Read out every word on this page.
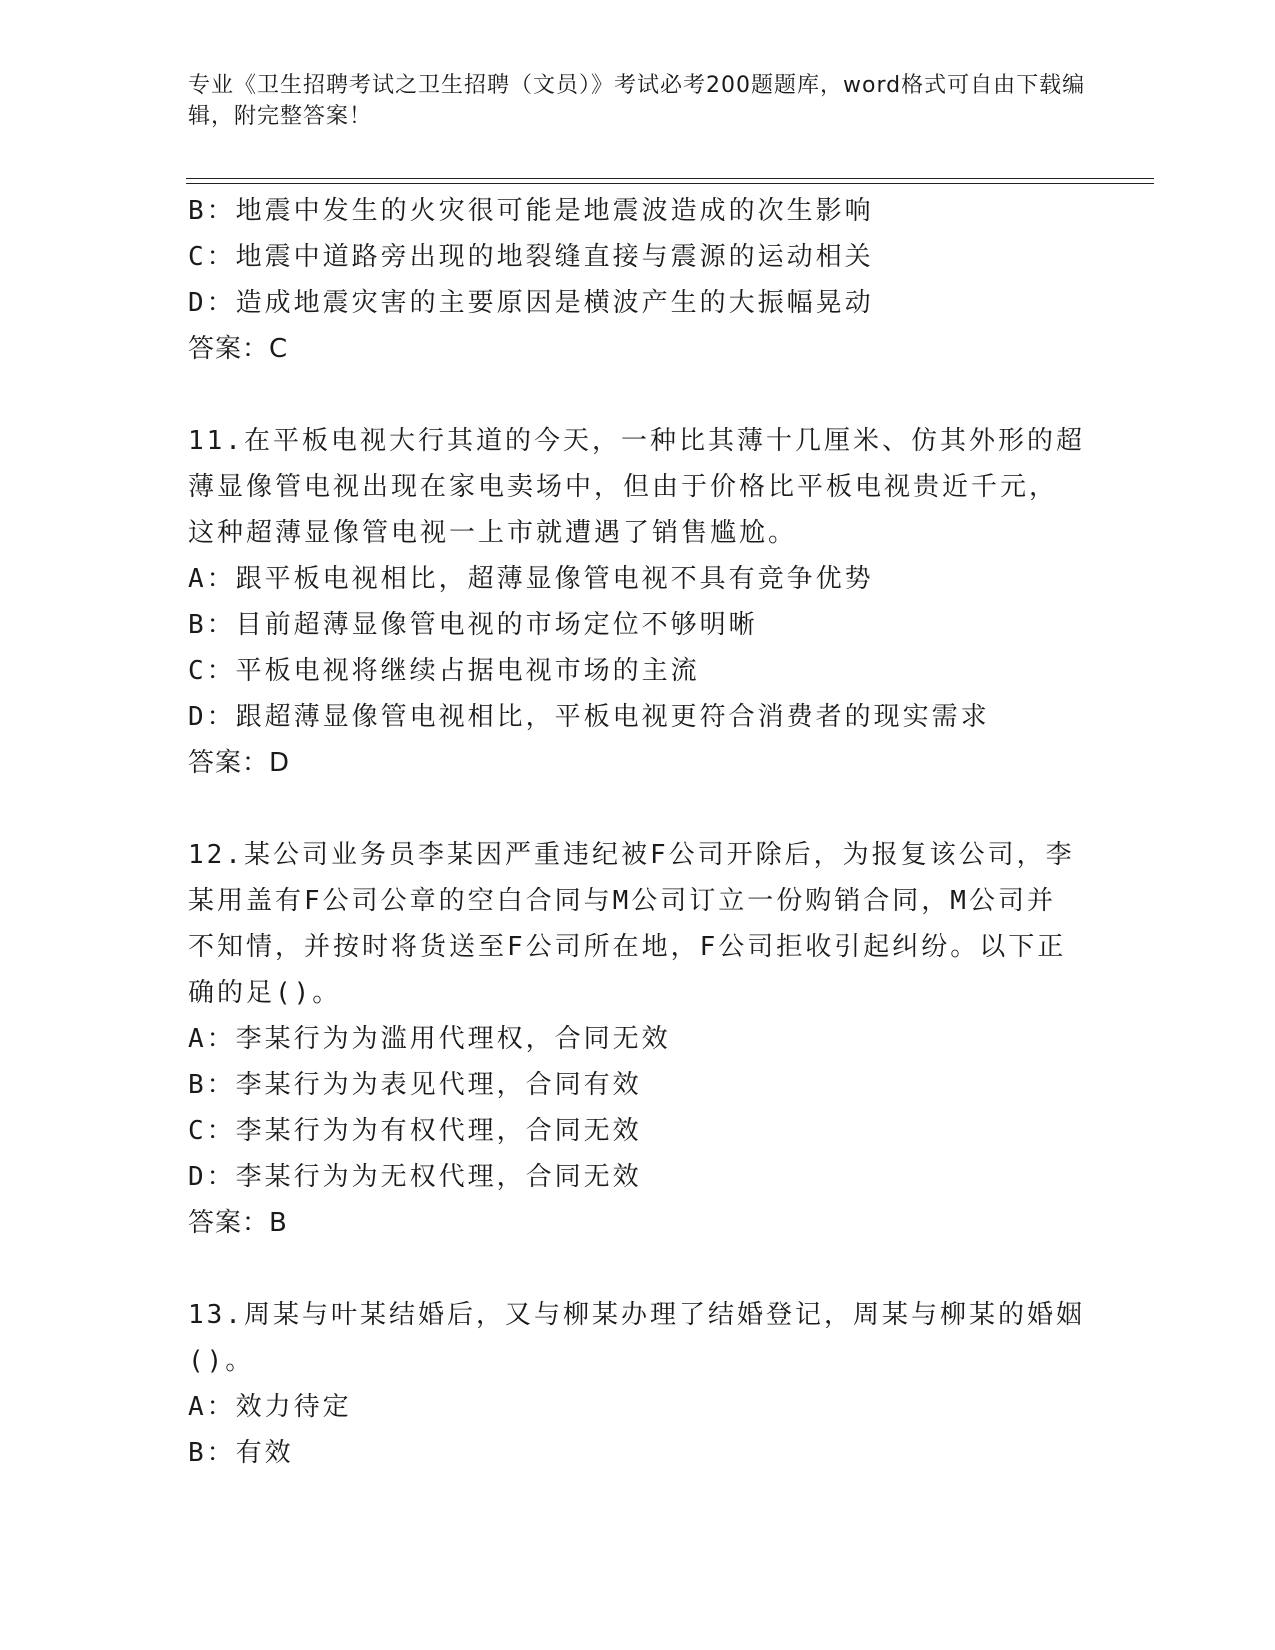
专业《卫生招聘考试之卫生招聘（文员）》考试必考200题题库，word格式可自由下载编辑，附完整答案！
B：地震中发生的火灾很可能是地震波造成的次生影响
C：地震中道路旁出现的地裂缝直接与震源的运动相关
D：造成地震灾害的主要原因是横波产生的大振幅晃动
答案：C
11.在平板电视大行其道的今天，一种比其薄十几厘米、仿其外形的超
薄显像管电视出现在家电卖场中，但由于价格比平板电视贵近千元，
这种超薄显像管电视一上市就遭遇了销售尴尬。
A：跟平板电视相比，超薄显像管电视不具有竞争优势
B：目前超薄显像管电视的市场定位不够明晰
C：平板电视将继续占据电视市场的主流
D：跟超薄显像管电视相比，平板电视更符合消费者的现实需求
答案：D
12.某公司业务员李某因严重违纪被F公司开除后，为报复该公司，李
某用盖有F公司公章的空白合同与M公司订立一份购销合同，M公司并
不知情，并按时将货送至F公司所在地，F公司拒收引起纠纷。以下正
确的足()。
A：李某行为为滥用代理权，合同无效
B：李某行为为表见代理，合同有效
C：李某行为为有权代理，合同无效
D：李某行为为无权代理，合同无效
答案：B
13.周某与叶某结婚后，又与柳某办理了结婚登记，周某与柳某的婚姻
()。
A：效力待定
B：有效
